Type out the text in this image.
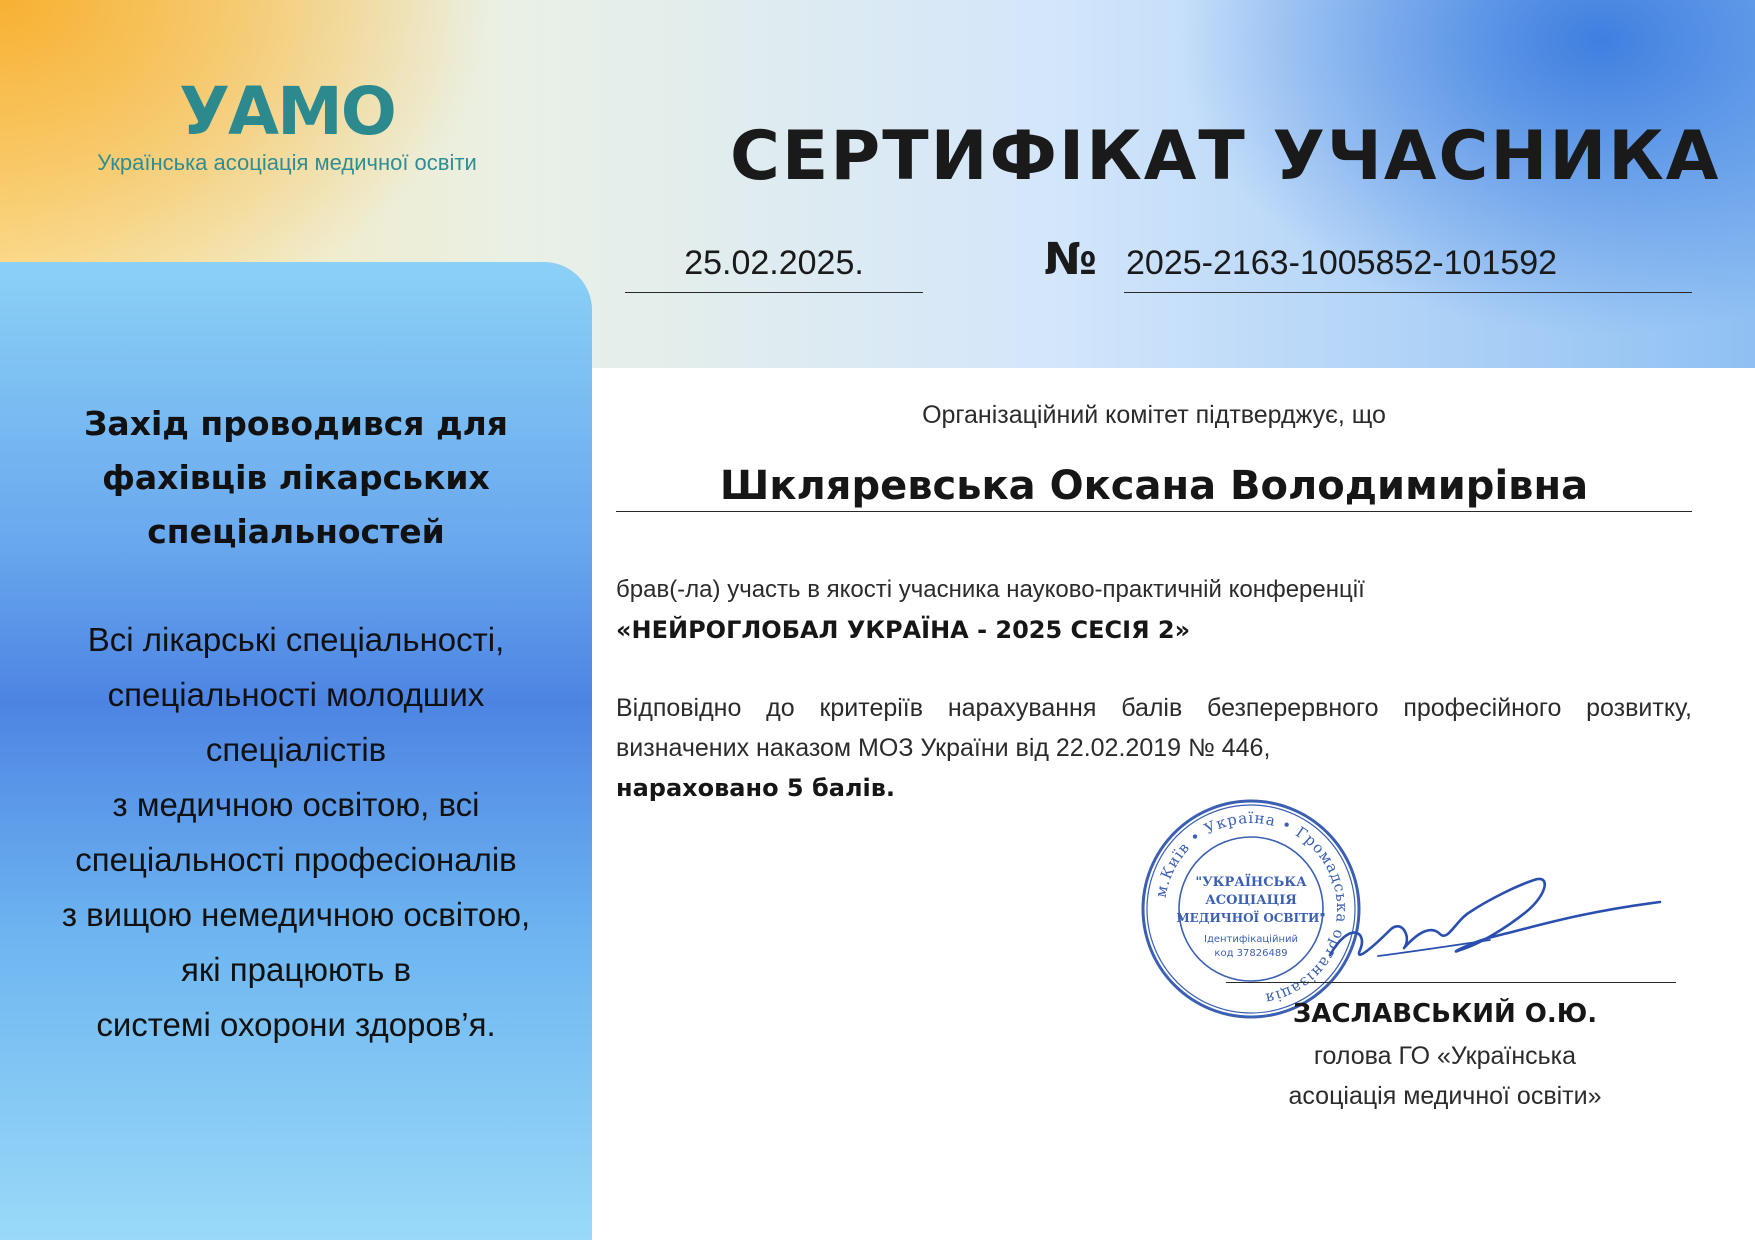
УАМО
Українська асоціація медичної освіти	СЕРТИФІКАТ УЧАСНИКА
25.02.2025.	№ 2025-2163-1005852-101592
Організаційний комітет підтверджує, що
Шкляревська Оксана Володимирівна
брав(-ла) участь в якості учасника науково-практичній конференції
«НЕЙРОГЛОБАЛ УКРАЇНА - 2025 СЕСІЯ 2»
Відповідно до критеріїв нарахування балів безперервного професійного розвитку, визначених наказом МОЗ України від 22.02.2019 № 446,
нараховано 5 балів.
м.Київ • Україна • Громадська організація
"УКРАЇНСЬКА
АСОЦІАЦІЯ
МЕДИЧНОЇ ОСВІТИ"
Ідентифікаційний
код 37826489
ЗАСЛАВСЬКИЙ О.Ю.
голова ГО «Українська
асоціація медичної освіти»
Захід проводився для
фахівців лікарських
спеціальностей
Всі лікарські спеціальності,
спеціальності молодших
спеціалістів
з медичною освітою, всі
спеціальності професіоналів
з вищою немедичною освітою,
які працюють в
системі охорони здоров’я.
